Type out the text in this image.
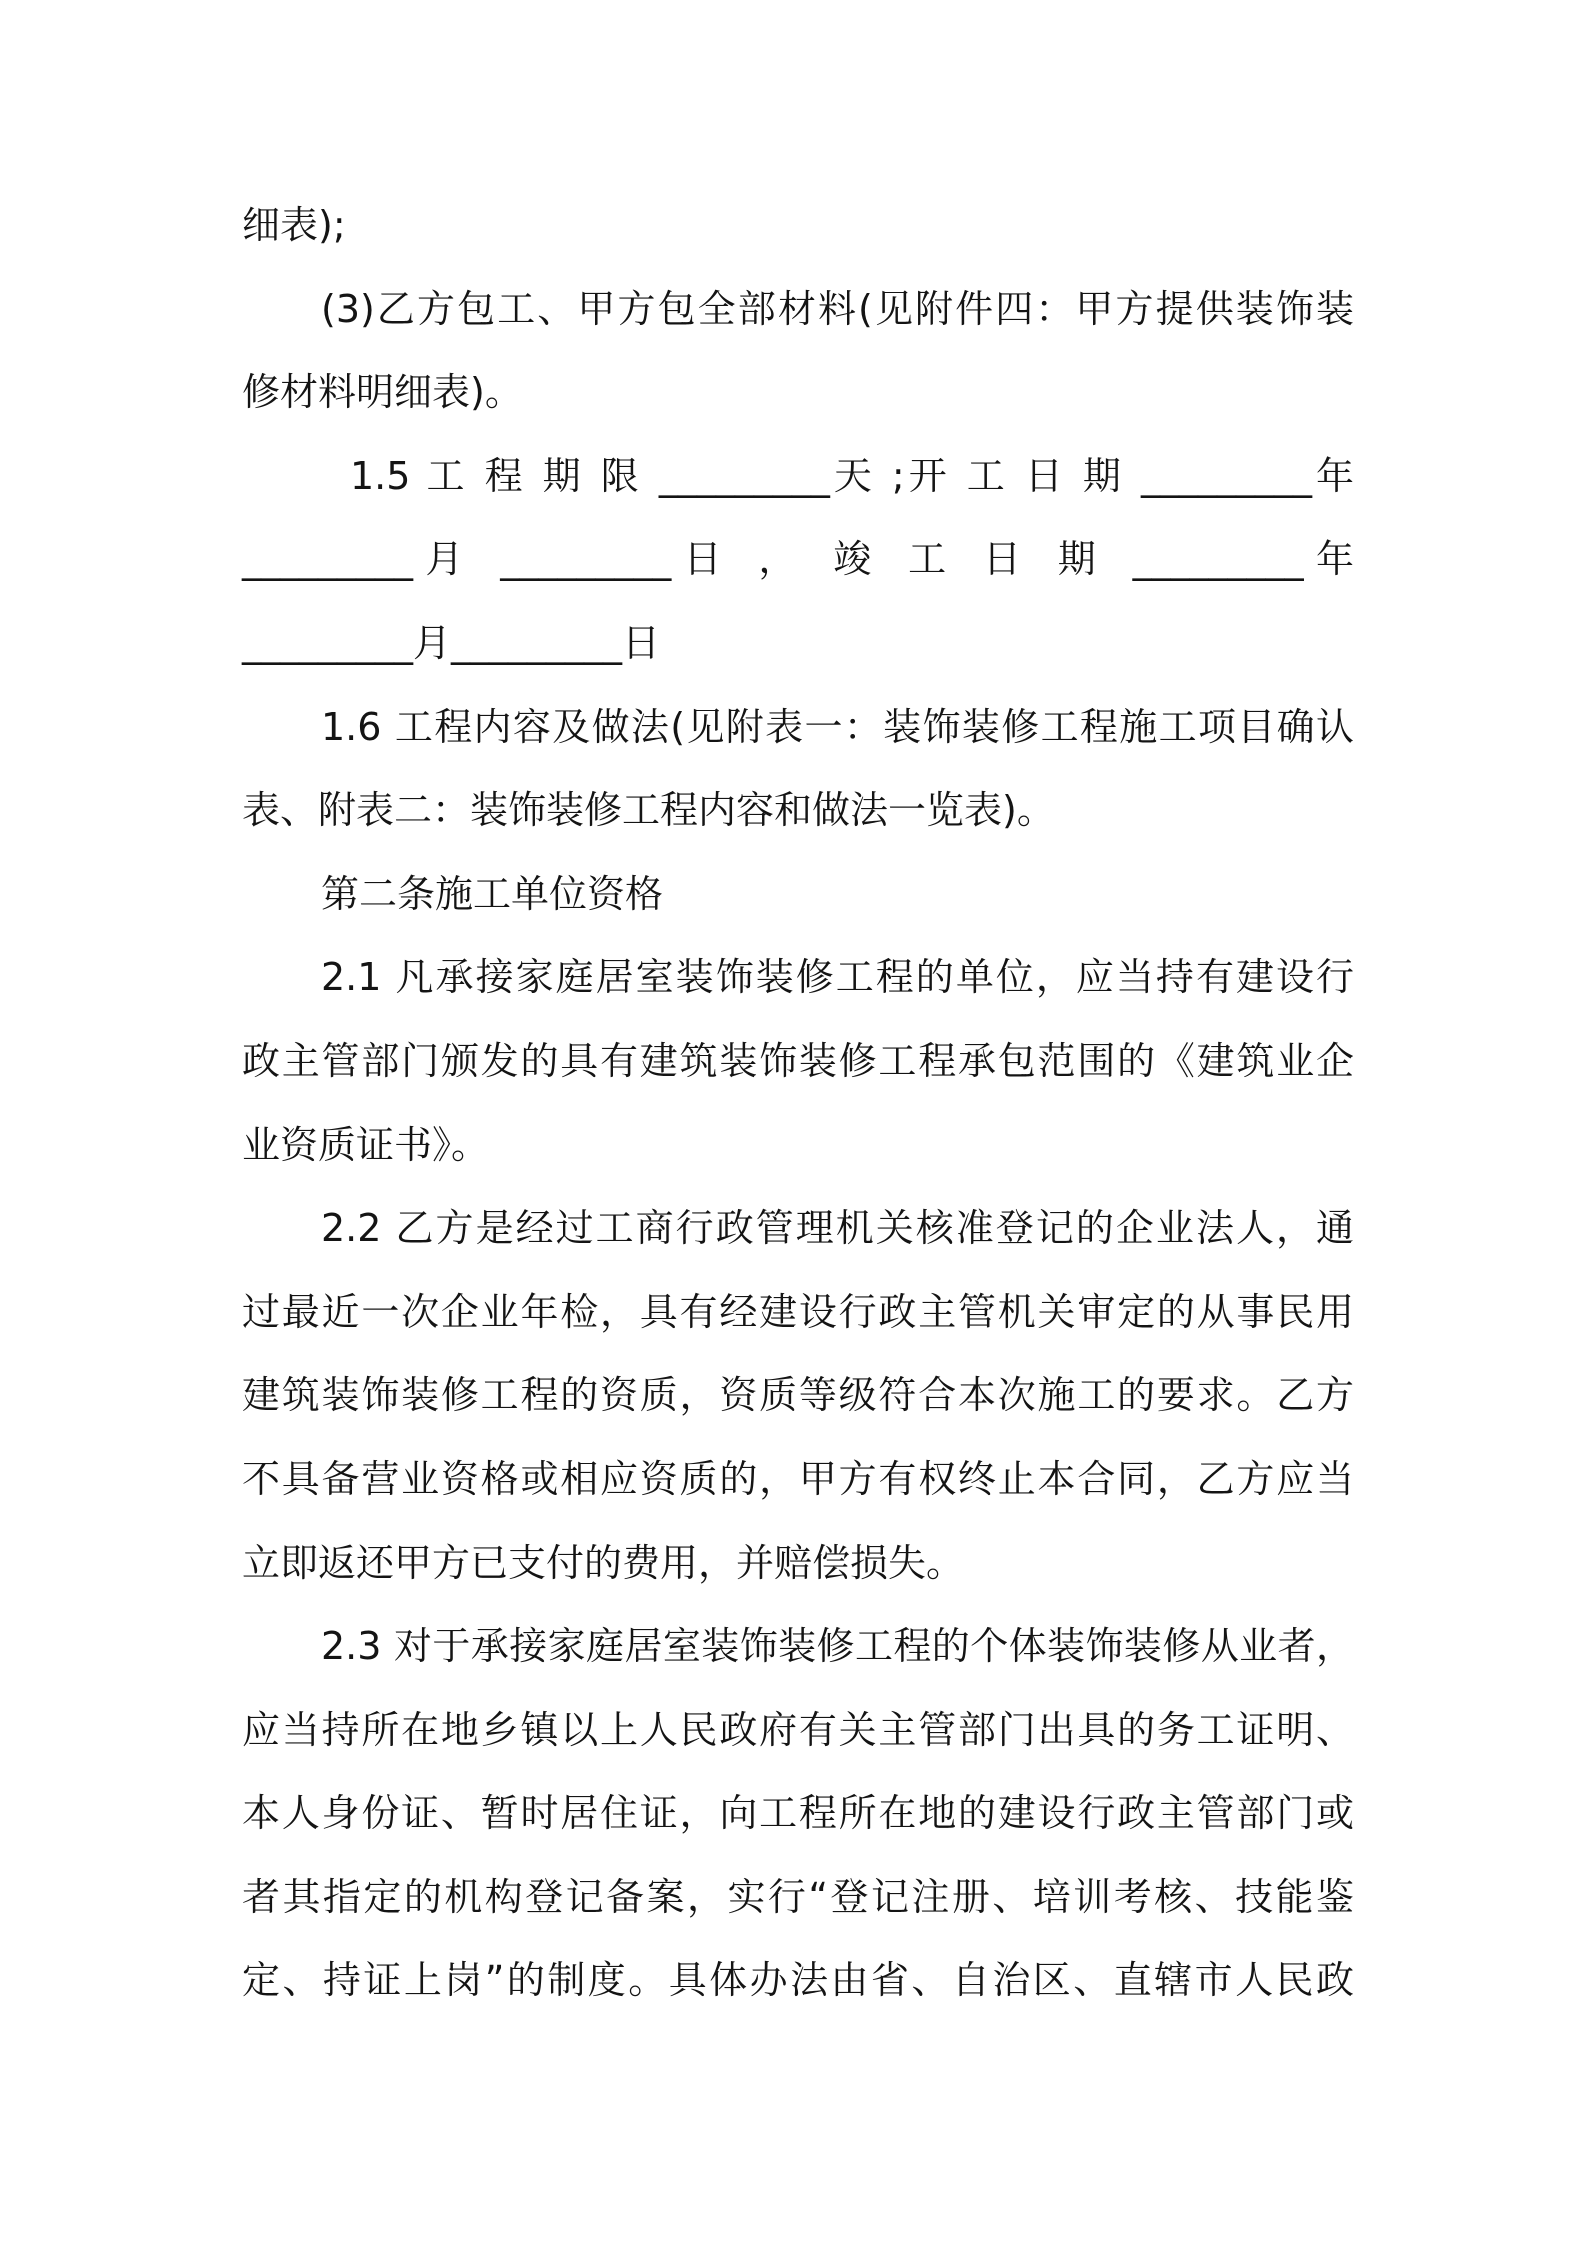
细表);
(3)乙方包工、甲方包全部材料(见附件四：甲方提供装饰装
修材料明细表)。
1.5 工 程 期 限 _________天 ;开 工 日 期 _________年
_________月 _________日 ， 竣 工 日 期 _________年
_________月_________日
1.6 工程内容及做法(见附表一：装饰装修工程施工项目确认
表、附表二：装饰装修工程内容和做法一览表)。
第二条施工单位资格
2.1 凡承接家庭居室装饰装修工程的单位，应当持有建设行
政主管部门颁发的具有建筑装饰装修工程承包范围的《建筑业企
业资质证书》。
2.2 乙方是经过工商行政管理机关核准登记的企业法人，通
过最近一次企业年检，具有经建设行政主管机关审定的从事民用
建筑装饰装修工程的资质，资质等级符合本次施工的要求。乙方
不具备营业资格或相应资质的，甲方有权终止本合同，乙方应当
立即返还甲方已支付的费用，并赔偿损失。
2.3 对于承接家庭居室装饰装修工程的个体装饰装修从业者，
应当持所在地乡镇以上人民政府有关主管部门出具的务工证明、
本人身份证、暂时居住证，向工程所在地的建设行政主管部门或
者其指定的机构登记备案，实行“登记注册、培训考核、技能鉴
定、持证上岗”的制度。具体办法由省、自治区、直辖市人民政
